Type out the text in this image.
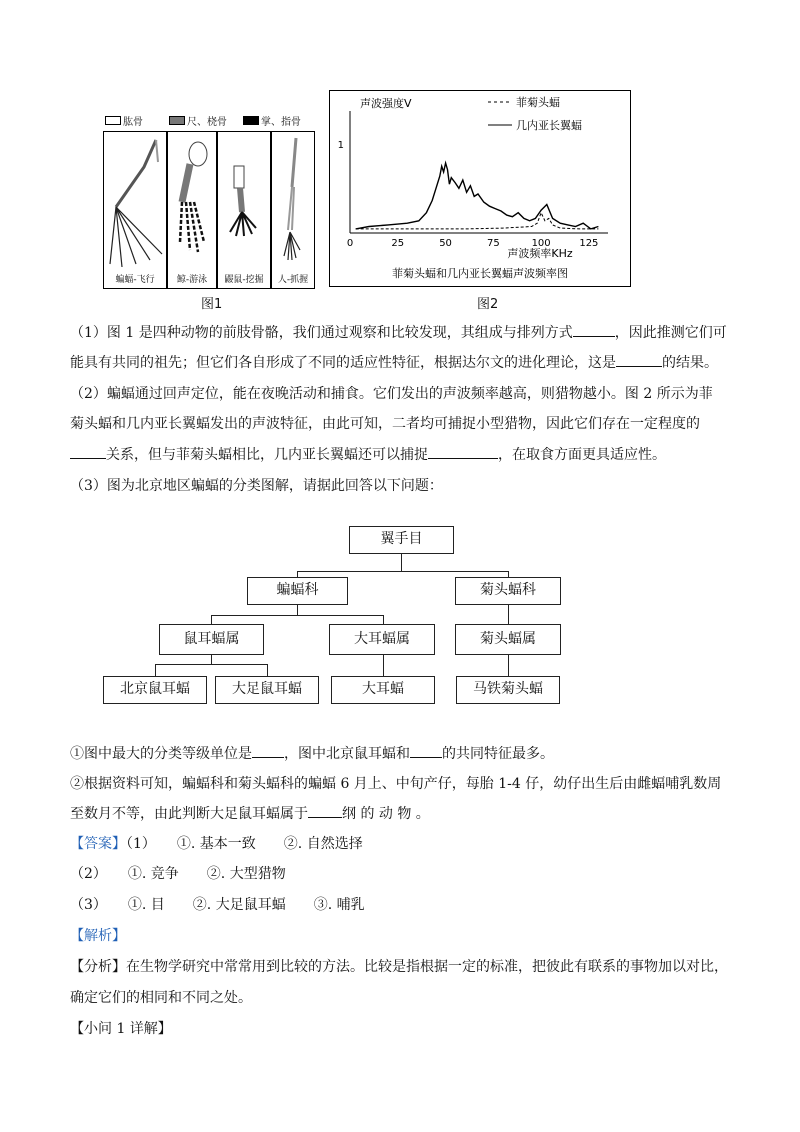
肱骨	尺、桡骨	掌、指骨
蝙蝠-飞行	鲸-游泳	鼹鼠-挖掘	人-抓握
图1
声波强度V	菲菊头蝠
几内亚长翼蝠
1
0	25	50	75	100	125
声波频率KHz
菲菊头蝠和几内亚长翼蝠声波频率图
图2
（1）图 1 是四种动物的前肢骨骼，我们通过观察和比较发现，其组成与排列方式	，因此推测它们可
能具有共同的祖先；但它们各自形成了不同的适应性特征，根据达尔文的进化理论，这是	的结果。
（2）蝙蝠通过回声定位，能在夜晚活动和捕食。它们发出的声波频率越高，则猎物越小。图 2 所示为菲
菊头蝠和几内亚长翼蝠发出的声波特征，由此可知，二者均可捕捉小型猎物，因此它们存在一定程度的
关系，但与菲菊头蝠相比，几内亚长翼蝠还可以捕捉	，在取食方面更具适应性。
（3）图为北京地区蝙蝠的分类图解，请据此回答以下问题：
翼手目
蝙蝠科	菊头蝠科
鼠耳蝠属	大耳蝠属	菊头蝠属
北京鼠耳蝠	大足鼠耳蝠	大耳蝠	马铁菊头蝠
①图中最大的分类等级单位是 ，图中北京鼠耳蝠和 的共同特征最多。
②根据资料可知，蝙蝠科和菊头蝠科的蝙蝠 6 月上、中旬产仔，每胎 1-4 仔，幼仔出生后由雌蝠哺乳数周
至数月不等，由此判断大足鼠耳蝠属于 纲 的 动 物 。
【答案】（1）　　①. 基本一致　　②. 自然选择
（2）　　①. 竞争　　②. 大型猎物
（3）　　①. 目　　②. 大足鼠耳蝠　　③. 哺乳
【解析】
【分析】在生物学研究中常常用到比较的方法。比较是指根据一定的标准，把彼此有联系的事物加以对比，
确定它们的相同和不同之处。
【小问 1 详解】
